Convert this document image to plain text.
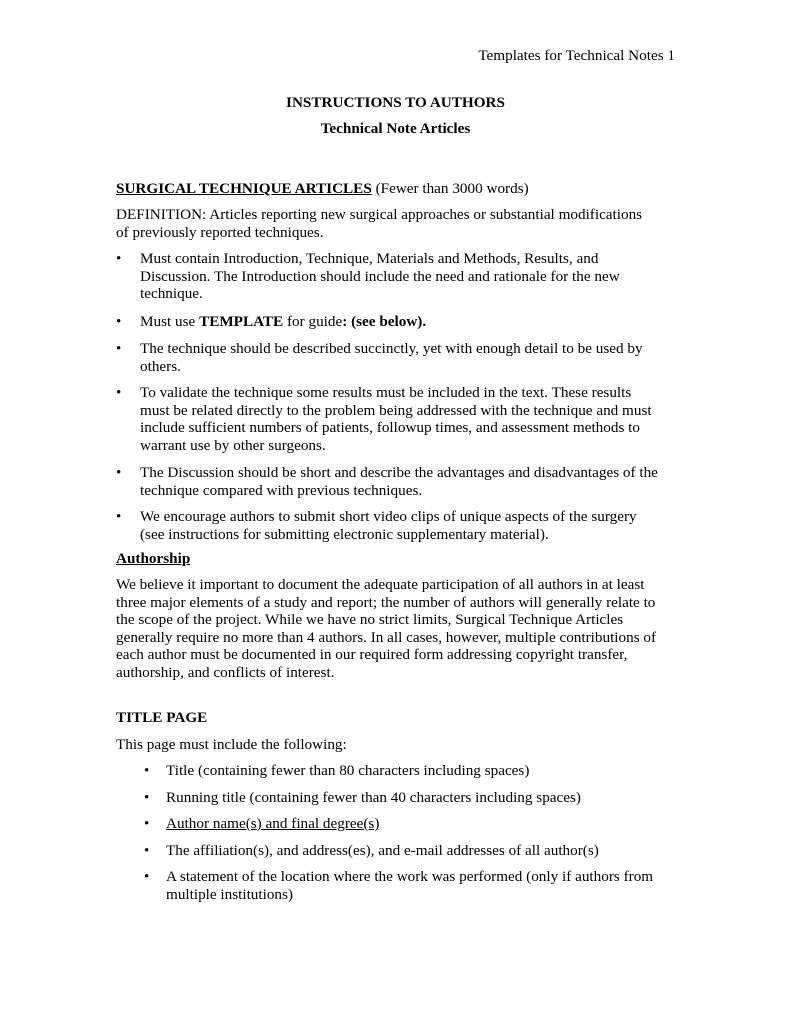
Templates for Technical Notes 1
INSTRUCTIONS TO AUTHORS
Technical Note Articles
SURGICAL TECHNIQUE ARTICLES (Fewer than 3000 words)
DEFINITION: Articles reporting new surgical approaches or substantial modifications
of previously reported techniques.
• Must contain Introduction, Technique, Materials and Methods, Results, and
Discussion. The Introduction should include the need and rationale for the new
technique.
• Must use TEMPLATE for guide: (see below).
• The technique should be described succinctly, yet with enough detail to be used by
others.
• To validate the technique some results must be included in the text. These results
must be related directly to the problem being addressed with the technique and must
include sufficient numbers of patients, followup times, and assessment methods to
warrant use by other surgeons.
• The Discussion should be short and describe the advantages and disadvantages of the
technique compared with previous techniques.
• We encourage authors to submit short video clips of unique aspects of the surgery
(see instructions for submitting electronic supplementary material).
Authorship
We believe it important to document the adequate participation of all authors in at least
three major elements of a study and report; the number of authors will generally relate to
the scope of the project. While we have no strict limits, Surgical Technique Articles
generally require no more than 4 authors. In all cases, however, multiple contributions of
each author must be documented in our required form addressing copyright transfer,
authorship, and conflicts of interest.
TITLE PAGE
This page must include the following:
• Title (containing fewer than 80 characters including spaces)
• Running title (containing fewer than 40 characters including spaces)
• Author name(s) and final degree(s)
• The affiliation(s), and address(es), and e-mail addresses of all author(s)
• A statement of the location where the work was performed (only if authors from
multiple institutions)
